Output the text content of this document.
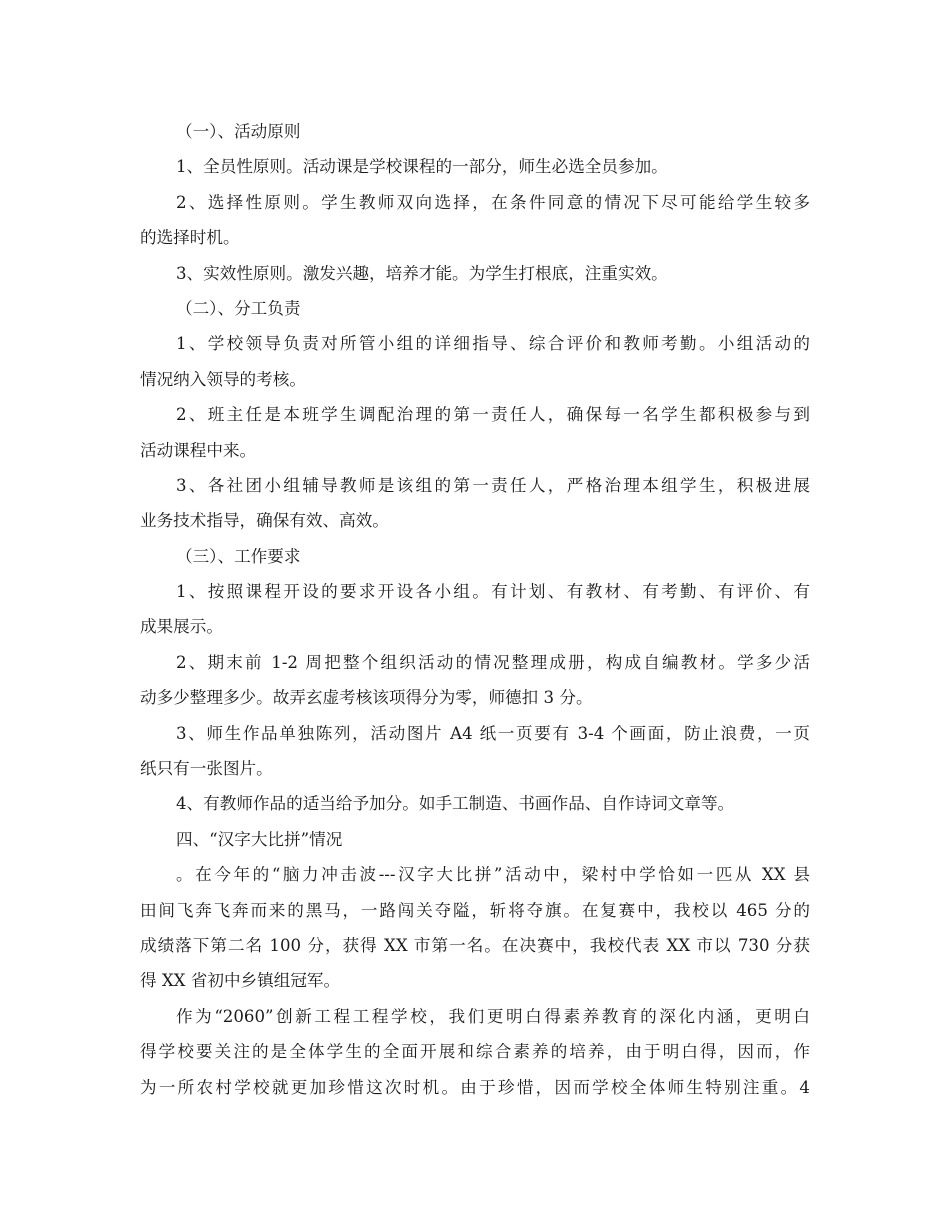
（一）、活动原则
1、全员性原则。活动课是学校课程的一部分，师生必选全员参加。
2、选择性原则。学生教师双向选择，在条件同意的情况下尽可能给学生较多
的选择时机。
3、实效性原则。激发兴趣，培养才能。为学生打根底，注重实效。
（二）、分工负责
1、学校领导负责对所管小组的详细指导、综合评价和教师考勤。小组活动的
情况纳入领导的考核。
2、班主任是本班学生调配治理的第一责任人，确保每一名学生都积极参与到
活动课程中来。
3、各社团小组辅导教师是该组的第一责任人，严格治理本组学生，积极进展
业务技术指导，确保有效、高效。
（三）、工作要求
1、按照课程开设的要求开设各小组。有计划、有教材、有考勤、有评价、有
成果展示。
2、期末前 1-2 周把整个组织活动的情况整理成册，构成自编教材。学多少活
动多少整理多少。故弄玄虚考核该项得分为零，师德扣 3 分。
3、师生作品单独陈列，活动图片 A4 纸一页要有 3-4 个画面，防止浪费，一页
纸只有一张图片。
4、有教师作品的适当给予加分。如手工制造、书画作品、自作诗词文章等。
四、“汉字大比拼”情况
。在今年的“脑力冲击波---汉字大比拼”活动中，梁村中学恰如一匹从 XX 县
田间飞奔飞奔而来的黑马，一路闯关夺隘，斩将夺旗。在复赛中，我校以 465 分的
成绩落下第二名 100 分，获得 XX 市第一名。在决赛中，我校代表 XX 市以 730 分获
得 XX 省初中乡镇组冠军。
作为“2060”创新工程工程学校，我们更明白得素养教育的深化内涵，更明白
得学校要关注的是全体学生的全面开展和综合素养的培养，由于明白得，因而，作
为一所农村学校就更加珍惜这次时机。由于珍惜，因而学校全体师生特别注重。4
